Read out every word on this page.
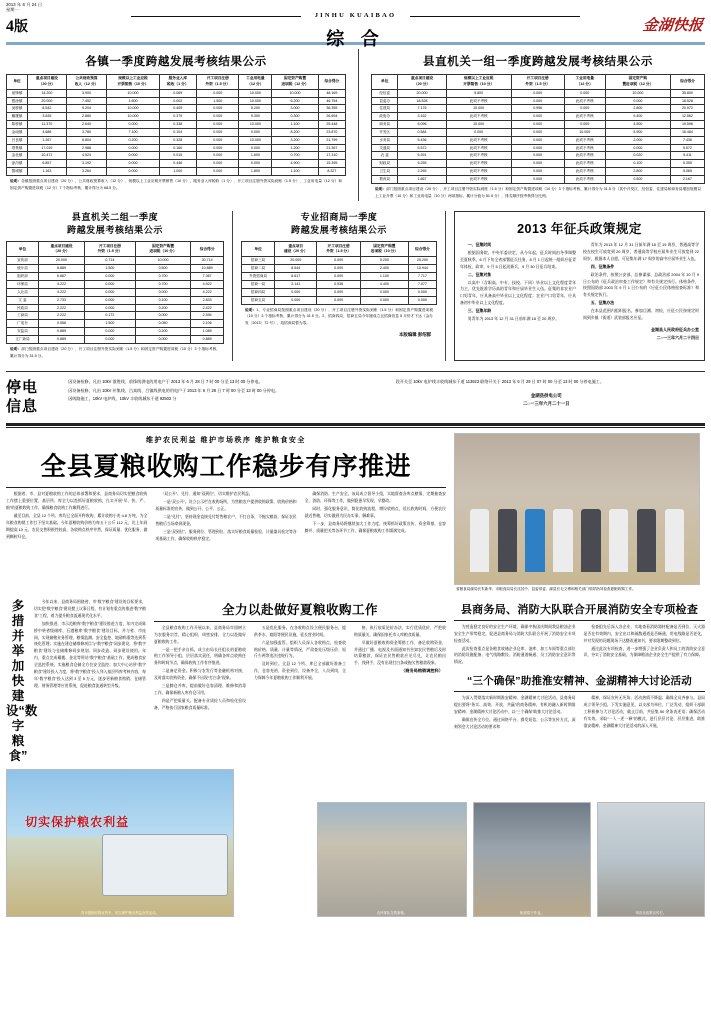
2013 年 6 月 24 日
星期一
4版
JINHU KUAIBAO
综 合
金湖快报
各镇一季度跨越发展考核结果公示
单位	重点项目建设
（20 分）	公共财政预算
收入（12 分）	规模以上工业应税
开票销售（10 分）	服务业入库
税收（1 分）	开工项目注册
外资（1.5 分）	工业用电量
（12 分）	固定资产购置
进项税（12 分）	综合得分
前锋镇	14.200	3.900	10.000	0.069	0.000	10.000	10.000	48.169
银涂镇	20.000	7.452	1.600	0.002	1.500	10.000	6.200	46.754
闵桥镇	8.542	9.204	10.000	0.409	0.000	5.200	3.000	36.355
戴楼镇	3.835	2.880	10.000	0.379	0.000	9.300	0.300	26.694
陈桥镇	11.370	2.640	0.000	0.338	0.000	10.000	1.100	25.448
金南镇	4.686	3.780	7.100	0.104	0.000	0.000	8.200	23.870
吕良镇	1.267	6.804	0.200	0.328	0.000	10.000	3.200	21.799
塔集镇	17.019	2.988	0.000	0.160	0.000	0.000	1.200	21.367
金北镇	10.471	4.524	0.000	0.015	0.000	1.600	0.700	17.310
涂沟镇	6.857	3.192	0.000	0.446	0.000	0.000	4.900	15.395
黎城镇	1.163	3.264	0.000	1.000	0.000	1.800	1.100	8.327
说明：各镇按照重点项目建设（20 分）、公共财政预算收入（12 分）、规模以上工业应税开票销售（10 分）、服务业入库税收（1 分）、开工项目注册外资实际到账（1.5 分）、工业用电量（12 分）和固定资产购置进项税（12 分）7 个指标考核，累计得分为 68.5 分。
县直机关一组一季度跨越发展考核结果公示
单位	重点项目建设
（20 分）	规模以上工业应税
开票销售（10 分）	开工项目注册
外资（1.5 分）	工业用电量
（12 分）	固定资产购
置进项税（12 分）	综合得分
经信委	20.000	5.800	0.000	0.000	10.000	35.800
县委办	18.528	此项不考核	0.000	此项不考核	0.000	18.528
住建局	7.176	10.000	0.996	0.000	2.800	20.972
政府办	3.162	此项不考核	0.000	此项不考核	9.400	12.562
商务局	5.096	10.000	0.000	0.000	4.500	19.596
开发区	0.584	0.000	0.000	10.000	5.900	16.484
水务局	5.436	此项不考核	0.000	此项不考核	2.000	7.436
交通局	5.572	此项不考核	0.000	此项不考核	0.000	5.572
农 委	5.391	此项不考核	0.000	此项不考核	0.020	5.411
财政局	5.255	此项不考核	0.000	此项不考核	0.100	5.355
卫生局	2.265	此项不考核	0.000	此项不考核	2.800	5.065
教育局	1.667	此项不考核	0.000	此项不考核	0.500	2.167
说明：部门按照重点项目建设（20 分）、开工项目注册外资实际到账（1.5 分）和固定资产购置进项税（10 分）3 个指标考核，累计得分为 31.5 分（其中开发区、经信委、住建局和商务局增加规模以上工业开票（10 分）和工业用电量（10 分）两项指标，累计分值为 51.5 分），排名顺序按考核得分比例。
县直机关二组一季度
跨越发展考核结果公示
单位	重点项目建设
（20 分）	开工项目注册
外资（1.5 分）	固定资产购置
进项税（10 分）	综合得分
宣传部	20.000	0.714	10.000	30.714
统计局	8.889	1.500	0.500	10.889
组织部	6.667	0.000	0.700	7.367
环保局	4.222	0.000	0.700	4.922
人社局	4.222	0.000	0.000	4.222
文 委	2.733	0.000	0.100	2.833
民政局	2.222	0.000	0.200	2.422
工商局	2.222	0.172	0.000	2.394
广电台	0.556	1.500	0.050	2.106
安监局	0.889	0.000	0.200	1.089
文广新局	0.889	0.000	0.000	0.889
说明：部门按照重点项目建设（20 分）、开工项目注册外资实际到账（1.5 分）和固定资产购置进项税（10 分）3 个指标考核，累计得分为 31.5 分。
专业招商局一季度
跨越发展考核结果公示
单位	重点项目
建设（20 分）	开工项目注册
外资（1.5 分）	固定资产购置
进项税（10 分）	综合得分
招商三局	20.000	0.000	5.200	25.200
招商二局	8.544	0.000	2.400	10.944
外资招商局	6.617	0.000	1.100	7.717
招商一局	2.141	0.536	4.400	7.077
招商四局	0.000	0.000	0.000	0.000
招商五局	0.000	0.000	0.000	0.000
说明：1、专业招商局按照重点项目建设（20 分）、开工项目注册外资实际到账（1.5 分）和固定资产购置进项税（10 分）3 个指标考核，累计得分为 31.5 分。2、招商四局、招商五局今年刚成立且招商信息 5 月份才下达（金办发〔2013〕72 号），故招商局暂为零。
本版编辑 彭绍群
2013 年征兵政策规定

一、征集时间

根据国务院、中央军委决定，从今年起，征兵时间由冬季调整至夏秋季。6 月下旬全省部署征兵任务，8 月 1 日起统一组织应征青年体检、政审，9 月 5 日起送新兵，9 月 30 日征兵结束。

二、征集对象

以高中（含职高、中专、技校、下同）毕业以上文化程度青年为主，优先批准学历高的青年和应届毕业生入伍。征集的非农业户口男青年，应具备高中毕业以上文化程度；农业户口男青年，应具备初中毕业以上文化程度。

三、征集年龄

男青年为 2013 年 12 月 31 日前年满 18 至 20 周岁。

青年为 2013 年 12 月 31 日前年满 18 至 19 周岁，普通高等学校在校生可放宽到 20 周岁，普通高等学校应届毕业生可放宽到 22 周岁，根据本人自愿，可征集年满 17 周岁的高中应届毕业生入伍。

四、征集条件

政治条件，按照公安部、总参谋部、总政治部 2004 年 10 月 9 日公布的《征兵政治审查工作规定》和有关规定执行。体格条件，按照国防部 2003 年 9 月 1 日公布的《应征公民体格检查标准》和有关规定执行。

五、征集办法

在本县范围内组织报名，参加目测、初检，应征公民按规定时间到乡镇（街道）武装部报名应征。

金湖县人民政府征兵办公室
二○一三年六月二十四日
停电
信息

因设备检修，凡由 10kV 淮胜线、前锋线供电的用电户于 2013 年 6 月 28 日 7 时 00 分至 13 时 00 分停电。

因设备检修，凡由 10kV 补集线、吕真线、吕镇线供电的用电户于 2013 年 6 月 28 日 7 时 00 分至 13 时 00 分停电。

因线路施工，10kV 电炉线、10kV 丰收线城东干道 92502 分

段开关至 10kV 电炉线丰收线城东干道 113923 联络开关于 2013 年 6 月 29 日 07 时 00 分至 13 时 00 分停电施工。

金湖县供电公司
二○一三年六月二十一日
维护农民利益 维护市场秩序 维护粮食安全
全县夏粮收购工作稳步有序推进

根据省、市、县对夏粮收购工作的总体部署和要求，县商务局切实把粮食收购工作摆上重要位置，基层所、库全力以赴抓好夏粮收购，扎实开展“早、快、严、细”的夏粮收购工作，确保粮食收购工作顺利进行。

截至目前，全县 12 个所、库均已全面开秤收购，累计收购小麦 4.8 万吨，为全年粮食购销工作打下坚实基础。今年夏粮收购价格为每五十公斤 112 元，比上年同期提高 10 元，农民交售积极性较高，各收购点秩序井然，保证质量、优化服务，做到颗粒归仓。

“双公开”、兑付、通知“双到位”，切实维护农民利益。

一是“双公开”。设立公示栏在收购场所，为售粮农户提供收购政策、收购价格和质量标准的宣传，做到公开、公平、公正。

二是“兑付”。坚持现金直接兑付给售粮农户，不打白条，不拖欠粮款，保证农民售粮后当场拿到现金。

三是“双到位”。服务到位、管理到位，落实好粮食质量检验、计量器具检定等各项基础工作，确保收购秩序稳定。

确保消防、生产安全。该局成立督导小组，实地督查各库点粮情，定期抽查安全、消防、环保等工作，做到隐患早发现、早整改。

同时，强化服务意识，简化收购流程，增设收购点，延长收购时间，方便农民就近售粮，切实做到为民办实事、解难事。

下一步，县商务局将继续加大工作力度，统筹抓好政策宣传、资金筹措、仓容腾并、质量把关等各环节工作，确保夏粮收购工作圆满完成。

省粮食局副局长朱新华、市粮食局局长沈其中、县委常委、副县长毛文博和相关部门领导指导检查夏粮收购工作。
多措并举加快建设“数字粮食”

今年以来，县商务局围绕省、市“数字粮食”建设的目标要求，切实把“数字粮食”建设摆上议事日程，有计划有重点的推进“数字粮食”工程，着力提升粮食流通现代化水平。

加快推进，市示范粮库“数字粮食”建设推进力度，年内完成陈桥中转省级储库，石港粮库“数字粮食”建设目标，并与省、市连网，实现储粮业务管理、粮情监测、安全监控、地磅称重等达到系统化管理；实施在建仓储维修项目与“数字粮食”同步建设，将“数字粮食”建设与仓储维修同步规划、同步改造、同步建设使用。年内，重点完成戴楼、金北等所站“数字粮食”基础工作，建成粮食安全监控系统，实施粮食仓储全方位安全监控；加大中心站所“数字粮食”建设投入力度，将“数字粮食”投入列入基层所库考核内容，每年“数字粮食”投入达到 3 至 5 万元，逐步更新粮食购销、仓储管理、财务管理等应用系统，促进粮食流通转型升级。

全力以赴做好夏粮收购工作

全县粮食收购工作开展以来，县商务局牢固树立为农服务宗旨，精心组织，周密安排，全力以赴做好夏粮收购工作。

一是一把手亲自抓。成立由局长任组长的夏粮收购工作领导小组，层层落实责任，明确各库点收购任务和时间节点，确保收购工作有序推进。

二是备足资金。积极与农发行等金融机构对接，及时落实收购资金，确保不出现“打白条”现象。

三是腾仓并库。提前做好仓容清理、维修和消毒工作，确保新粮入库有仓可用。

四是严把质量关。配备专业质检人员和检化验设备，严格执行国家粮食质量标准。

五是优化服务。在各收购点设立便民服务台，提供茶水、遮阳等便民设施，延长营业时间。

六是加强监管。组织人员深入各收购点，检查收购价格、质量、计量等情况，严肃查处压级压价、短斤少两等违法违规行为。

及时到位。全县 12 个所、库已全部做好准备工作，仓容充裕，资金到位，设备齐全，人员到岗，全力保障今年夏粮收购工作顺利开展。

格，执行依质论价办法，实行优质优价，严把收购质量关，确保国家托市入库粮食质量。

早做好夏粮收购资金筹措工作，备足收购资金，并通过广播、电视及书面通知书告知农民售粮后及时结算粮款，保证农民售粮款应兑尽兑，让农民粮出手、钱到手，没有出现打白条或拖欠售粮款现象。

（商务局购销调控科）
县商务局、消防大队联合开展消防安全专项检查

为营造稳定良好的安全生产环境，确保中秋国庆期间我县粮油企业安全生产形势稳定，促进县商务局与消防大队联合开展了消防安全专项检查活动。

此次检查重点是各粮食收储企业仓库、油库、加工车间等重点部位的消防设施配备、电气线路敷设、消防通道畅通、员工消防安全意识等情况。

检查组先后深入各企业，实地查看消防器材配备是否到位，灭火器是否在有效期内，安全出口和疏散通道是否畅通，用电线路是否老化，并对发现的问题现场下达整改通知书，要求限期整改到位。

通过此次专项检查，进一步增强了企业负责人和员工的消防安全意识，夯实了消防安全基础，为保障粮油企业安全生产提供了有力保障。

“三个确保”助推淮安精神、金湖精神大讨论活动

为深入贯彻落实新时期淮安精神、金湖精神大讨论活动，县商务局提出要将“务实、高效、开放、共赢”的商务精神，有机的融入新时期淮安精神、金湖精神大讨论活动中，以“三个确保”助推大讨论活动。

确保宣传全方位。通过网络平台、群发短信、公示等宣传方式，深刻领会大讨论活动的要求和

精神，保证宣传无死角、活动热情不降温；确保全员齐参与。县局成立领导小组，下发实施意见，以支部为单位，广泛发动，组织干部职工积极参与大讨论活动，截止目前，共征集 50 余条表述语；确保活动有实效。采取“一人一述一释”的模式，进行层层讨论、层层推进，助推淮安精神、金湖精神大讨论活动的深入开展。

切实保护粮农利益
县市夏粮收购宣传车，切实保护粮农利益宣传活动。	农民排队交售新粮。	粮食烘干作业。	规范化政策宣传栏。
